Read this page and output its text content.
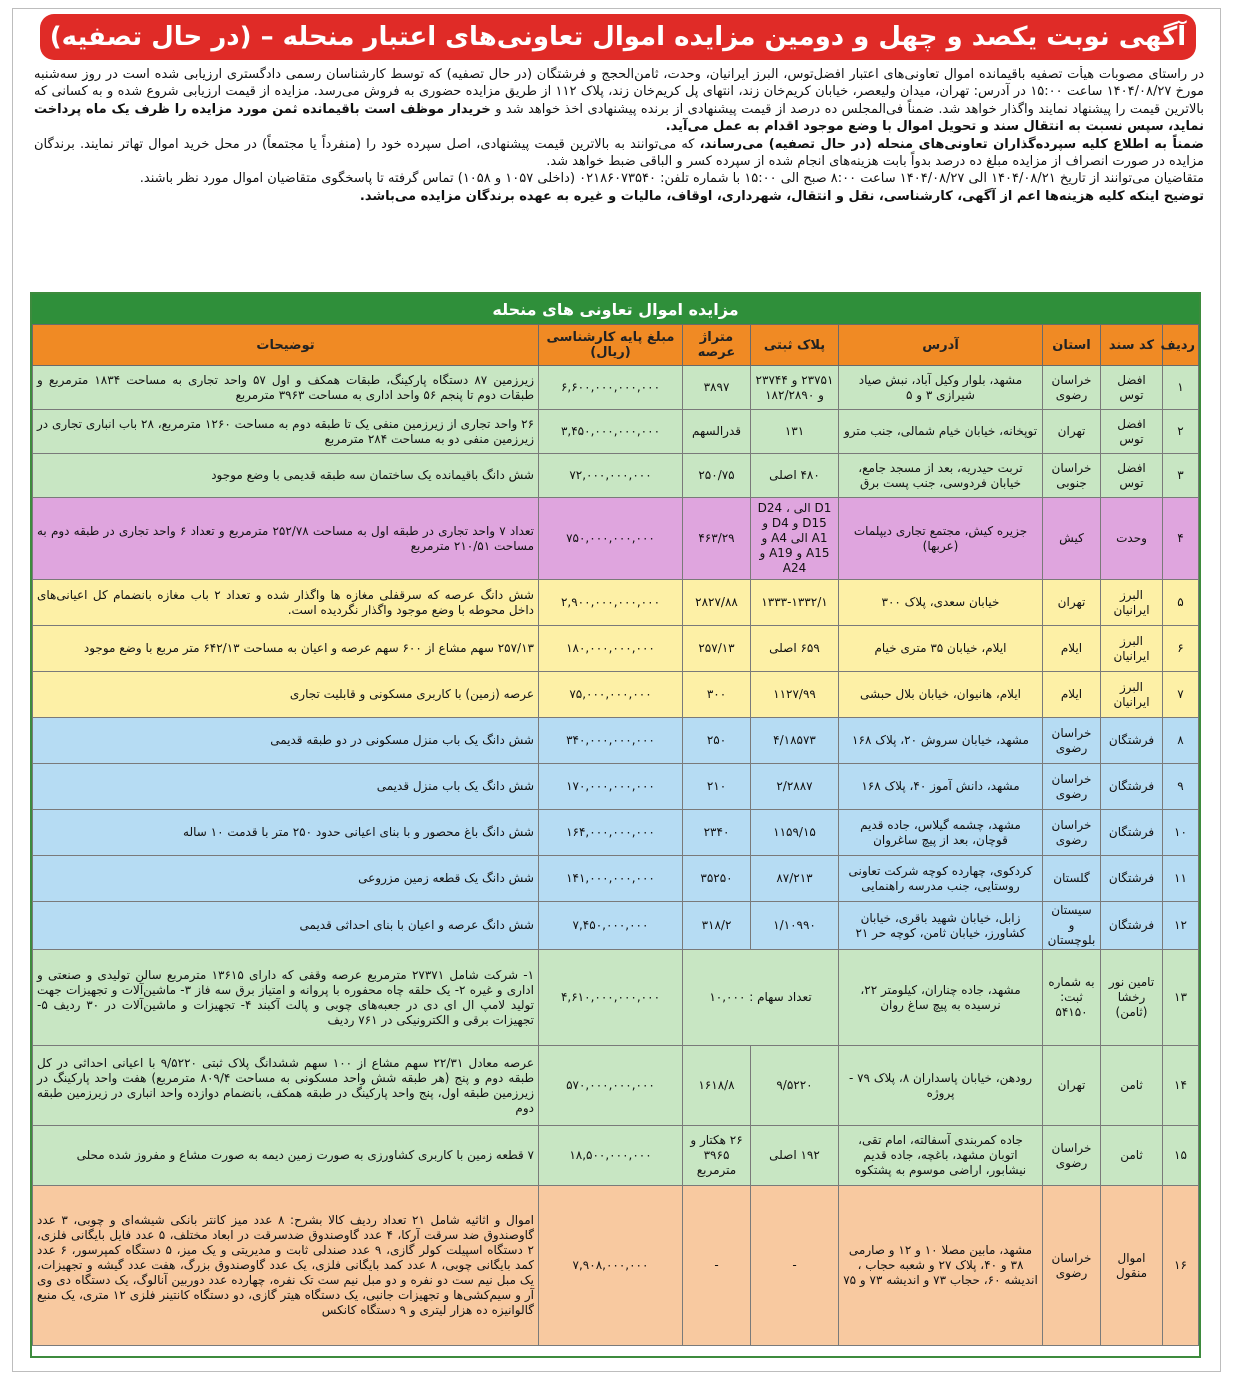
آگهی نوبت یکصد و چهل و دومین مزایده اموال تعاونی‌های اعتبار منحله – (در حال تصفیه)

در راستای مصوبات هیأت تصفیه باقیمانده اموال تعاونی‌های اعتبار افضل‌توس، البرز ایرانیان، وحدت، ثامن‌الحجج و فرشتگان (در حال تصفیه) که توسط کارشناسان رسمی دادگستری ارزیابی شده است در روز سه‌شنبه مورخ ۱۴۰۴/۰۸/۲۷ ساعت ۱۵:۰۰ در آدرس: تهران، میدان ولیعصر، خیابان کریم‌خان زند، انتهای پل کریم‌خان زند، پلاک ۱۱۲ از طریق مزایده حضوری به فروش می‌رسد. مزایده از قیمت ارزیابی شروع شده و به کسانی که بالاترین قیمت را پیشنهاد نمایند واگذار خواهد شد. ضمناً فی‌المجلس ده درصد از قیمت پیشنهادی از برنده پیشنهادی اخذ خواهد شد و خریدار موظف است باقیمانده ثمن مورد مزایده را ظرف یک ماه پرداخت نماید، سپس نسبت به انتقال سند و تحویل اموال با وضع موجود اقدام به عمل می‌آید.

ضمناً به اطلاع کلیه سپرده‌گذاران تعاونی‌های منحله (در حال تصفیه) می‌رساند، که می‌توانند به بالاترین قیمت پیشنهادی، اصل سپرده خود را (منفرداً یا مجتمعاً) در محل خرید اموال تهاتر نمایند. برندگان مزایده در صورت انصراف از مزایده مبلغ ده درصد بدواً بابت هزینه‌های انجام شده از سپرده کسر و الباقی ضبط خواهد شد.

متقاضیان می‌توانند از تاریخ ۱۴۰۴/۰۸/۲۱ الی ۱۴۰۴/۰۸/۲۷ ساعت ۸:۰۰ صبح الی ۱۵:۰۰ با شماره تلفن: ۰۲۱۸۶۰۷۳۵۴۰ (داخلی ۱۰۵۷ و ۱۰۵۸) تماس گرفته تا پاسخگوی متقاضیان اموال مورد نظر باشند.

توضیح اینکه کلیه هزینه‌ها اعم از آگهی، کارشناسی، نقل و انتقال، شهرداری، اوقاف، مالیات و غیره به عهده برندگان مزایده می‌باشد.

مزایده اموال تعاونی های منحله
ردیف	کد سند	استان	آدرس	پلاک ثبتی	متراژ عرصه	مبلغ پایه کارشناسی (ریال)	توضیحات
۱	افضل توس	خراسان رضوی	مشهد، بلوار وکیل آباد، نبش صیاد شیرازی ۳ و ۵	۲۳۷۵۱ و ۲۳۷۴۴ و ۱۸۲/۲۸۹۰	۳۸۹۷	۶,۶۰۰,۰۰۰,۰۰۰,۰۰۰	زیرزمین ۸۷ دستگاه پارکینگ، طبقات همکف و اول ۵۷ واحد تجاری به مساحت ۱۸۳۴ مترمربع و طبقات دوم تا پنجم ۵۶ واحد اداری به مساحت ۳۹۶۳ مترمربع
۲	افضل توس	تهران	توپخانه، خیابان خیام شمالی، جنب مترو	۱۳۱	قدرالسهم	۳,۴۵۰,۰۰۰,۰۰۰,۰۰۰	۲۶ واحد تجاری از زیرزمین منفی یک تا طبقه دوم به مساحت ۱۲۶۰ مترمربع، ۲۸ باب انباری تجاری در زیرزمین منفی دو به مساحت ۲۸۴ مترمربع
۳	افضل توس	خراسان جنوبی	تربت حیدریه، بعد از مسجد جامع، خیابان فردوسی، جنب پست برق	۴۸۰ اصلی	۲۵۰/۷۵	۷۲,۰۰۰,۰۰۰,۰۰۰	شش دانگ باقیمانده یک ساختمان سه طبقه قدیمی با وضع موجود
۴	وحدت	کیش	جزیره کیش، مجتمع تجاری دیپلمات (عربها)	D1 الی D24 ، D15 و D4 و A1 الی A4 و A15 و A19 و A24	۴۶۳/۲۹	۷۵۰,۰۰۰,۰۰۰,۰۰۰	تعداد ۷ واحد تجاری در طبقه اول به مساحت ۲۵۲/۷۸ مترمربع و تعداد ۶ واحد تجاری در طبقه دوم به مساحت ۲۱۰/۵۱ مترمربع
۵	البرز ایرانیان	تهران	خیابان سعدی، پلاک ۳۰۰	۱۳۳۳-۱۳۳۲/۱	۲۸۲۷/۸۸	۲,۹۰۰,۰۰۰,۰۰۰,۰۰۰	شش دانگ عرصه که سرقفلی مغازه ها واگذار شده و تعداد ۲ باب مغازه بانضمام کل اعیانی‌های داخل محوطه با وضع موجود واگذار نگردیده است.
۶	البرز ایرانیان	ایلام	ایلام، خیابان ۳۵ متری خیام	۶۵۹ اصلی	۲۵۷/۱۳	۱۸۰,۰۰۰,۰۰۰,۰۰۰	۲۵۷/۱۳ سهم مشاع از ۶۰۰ سهم عرصه و اعیان به مساحت ۶۴۲/۱۳ متر مربع با وضع موجود
۷	البرز ایرانیان	ایلام	ایلام، هانیوان، خیابان بلال حبشی	۱۱۲۷/۹۹	۳۰۰	۷۵,۰۰۰,۰۰۰,۰۰۰	عرصه (زمین) با کاربری مسکونی و قابلیت تجاری
۸	فرشتگان	خراسان رضوی	مشهد، خیابان سروش ۲۰، پلاک ۱۶۸	۴/۱۸۵۷۳	۲۵۰	۳۴۰,۰۰۰,۰۰۰,۰۰۰	شش دانگ یک باب منزل مسکونی در دو طبقه قدیمی
۹	فرشتگان	خراسان رضوی	مشهد، دانش آموز ۴۰، پلاک ۱۶۸	۲/۲۸۸۷	۲۱۰	۱۷۰,۰۰۰,۰۰۰,۰۰۰	شش دانگ یک باب منزل قدیمی
۱۰	فرشتگان	خراسان رضوی	مشهد، چشمه گیلاس، جاده قدیم قوچان، بعد از پیچ ساغروان	۱۱۵۹/۱۵	۲۳۴۰	۱۶۴,۰۰۰,۰۰۰,۰۰۰	شش دانگ باغ محصور و با بنای اعیانی حدود ۲۵۰ متر با قدمت ۱۰ ساله
۱۱	فرشتگان	گلستان	کردکوی، چهارده کوچه شرکت تعاونی روستایی، جنب مدرسه راهنمایی	۸۷/۲۱۳	۳۵۲۵۰	۱۴۱,۰۰۰,۰۰۰,۰۰۰	شش دانگ یک قطعه زمین مزروعی
۱۲	فرشتگان	سیستان و بلوچستان	زابل، خیابان شهید باقری، خیابان کشاورز، خیابان ثامن، کوچه حر ۲۱	۱/۱۰۹۹۰	۳۱۸/۲	۷,۴۵۰,۰۰۰,۰۰۰	شش دانگ عرصه و اعیان با بنای احداثی قدیمی
۱۳	تامین نور رخشا (ثامن)	به شماره ثبت: ۵۴۱۵۰	مشهد، جاده چناران، کیلومتر ۲۲، نرسیده به پیچ ساغ روان	تعداد سهام : ۱۰,۰۰۰		۴,۶۱۰,۰۰۰,۰۰۰,۰۰۰	۱- شرکت شامل ۲۷۳۷۱ مترمربع عرصه وقفی که دارای ۱۳۶۱۵ مترمربع سالن تولیدی و صنعتی و اداری و غیره ۲- یک حلقه چاه محفوره با پروانه و امتیاز برق سه فاز ۳- ماشین‌آلات و تجهیزات جهت تولید لامپ ال ای دی در جعبه‌های چوبی و پالت آکبند ۴- تجهیزات و ماشین‌آلات در ۳۰ ردیف ۵- تجهیزات برقی و الکترونیکی در ۷۶۱ ردیف
۱۴	ثامن	تهران	رودهن، خیابان پاسداران ۸، پلاک ۷۹ - پروژه	۹/۵۲۲۰	۱۶۱۸/۸	۵۷۰,۰۰۰,۰۰۰,۰۰۰	عرصه معادل ۲۲/۳۱ سهم مشاع از ۱۰۰ سهم ششدانگ پلاک ثبتی ۹/۵۲۲۰ با اعیانی احداثی در کل طبقه دوم و پنج (هر طبقه شش واحد مسکونی به مساحت ۸۰۹/۴ مترمربع) هفت واحد پارکینگ در زیرزمین طبقه اول، پنج واحد پارکینگ در طبقه همکف، بانضمام دوازده واحد انباری در زیرزمین طبقه دوم
۱۵	ثامن	خراسان رضوی	جاده کمربندی آسفالته، امام تقی، اتوبان مشهد، باغچه، جاده قدیم نیشابور، اراضی موسوم به پشتکوه	۱۹۲ اصلی	۲۶ هکتار و ۳۹۶۵ مترمربع	۱۸,۵۰۰,۰۰۰,۰۰۰	۷ قطعه زمین با کاربری کشاورزی به صورت زمین دیمه به صورت مشاع و مفروز شده محلی
۱۶	اموال منقول	خراسان رضوی	مشهد، مابین مصلا ۱۰ و ۱۲ و صارمی ۳۸ و ۴۰، پلاک ۲۷ و شعبه حجاب ، اندیشه ۶۰، حجاب ۷۳ و اندیشه ۷۳ و ۷۵	-	-	۷,۹۰۸,۰۰۰,۰۰۰	اموال و اثاثیه شامل ۲۱ تعداد ردیف کالا بشرح: ۸ عدد میز کانتر بانکی شیشه‌ای و چوبی، ۳ عدد گاوصندوق ضد سرقت آرکا، ۴ عدد گاوصندوق ضدسرقت در ابعاد مختلف، ۵ عدد فایل بایگانی فلزی، ۲ دستگاه اسپیلت کولر گازی، ۹ عدد صندلی ثابت و مدیریتی و یک میز، ۵ دستگاه کمپرسور، ۶ عدد کمد بایگانی چوبی، ۸ عدد کمد بایگانی فلزی، یک عدد گاوصندوق بزرگ، هفت عدد گیشه و تجهیزات، یک مبل نیم ست دو نفره و دو مبل نیم ست تک نفره، چهارده عدد دوربین آنالوگ، یک دستگاه دی وی آر و سیم‌کشی‌ها و تجهیزات جانبی، یک دستگاه هیتر گازی، دو دستگاه کانتینر فلزی ۱۲ متری، یک منبع گالوانیزه ده هزار لیتری و ۹ دستگاه کانکس
